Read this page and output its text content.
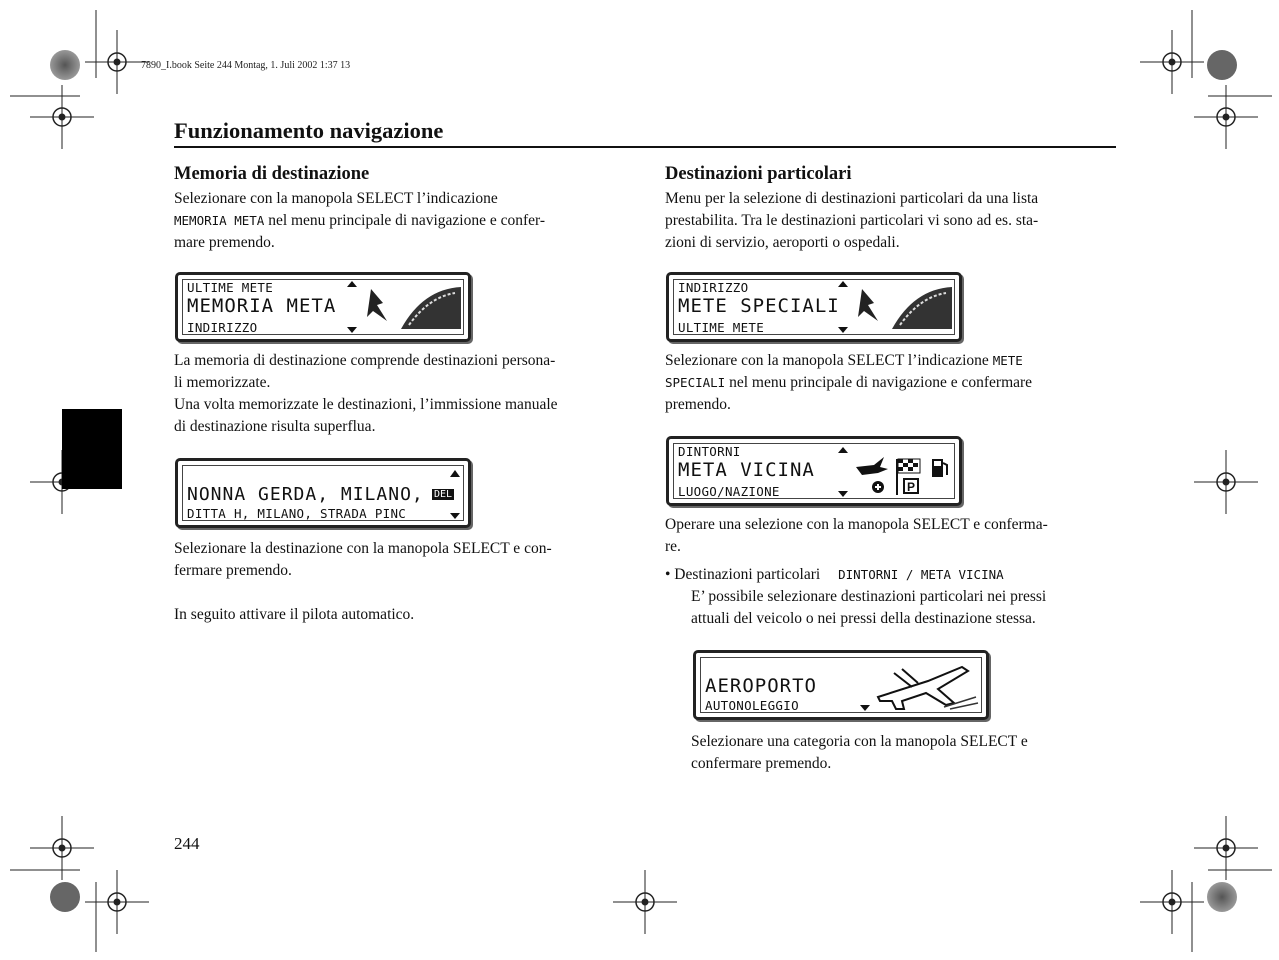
7890_I.book Seite 244 Montag, 1. Juli 2002 1:37 13
Funzionamento navigazione
Memoria di destinazione

Selezionare con la manopola SELECT l’indicazione

MEMORIA META nel menu principale di navigazione e confer-

mare premendo.

ULTIME METE
MEMORIA META
INDIRIZZO

La memoria di destinazione comprende destinazioni persona-

li memorizzate.

Una volta memorizzate le destinazioni, l’immissione manuale

di destinazione risulta superflua.

NONNA GERDA, MILANO, DEL
DITTA H, MILANO, STRADA PINC

Selezionare la destinazione con la manopola SELECT e con-

fermare premendo.

In seguito attivare il pilota automatico.
Destinazioni particolari

Menu per la selezione di destinazioni particolari da una lista

prestabilita. Tra le destinazioni particolari vi sono ad es. sta-

zioni di servizio, aeroporti o ospedali.

INDIRIZZO
METE SPECIALI
ULTIME METE

Selezionare con la manopola SELECT l’indicazione METE

SPECIALI nel menu principale di navigazione e confermare

premendo.

DINTORNI
META VICINA
LUOGO/NAZIONE	P

Operare una selezione con la manopola SELECT e conferma-

re.

• Destinazioni particolari DINTORNI / META VICINA

E’ possibile selezionare destinazioni particolari nei pressi

attuali del veicolo o nei pressi della destinazione stessa.

AEROPORTO
AUTONOLEGGIO

Selezionare una categoria con la manopola SELECT e

confermare premendo.

244
